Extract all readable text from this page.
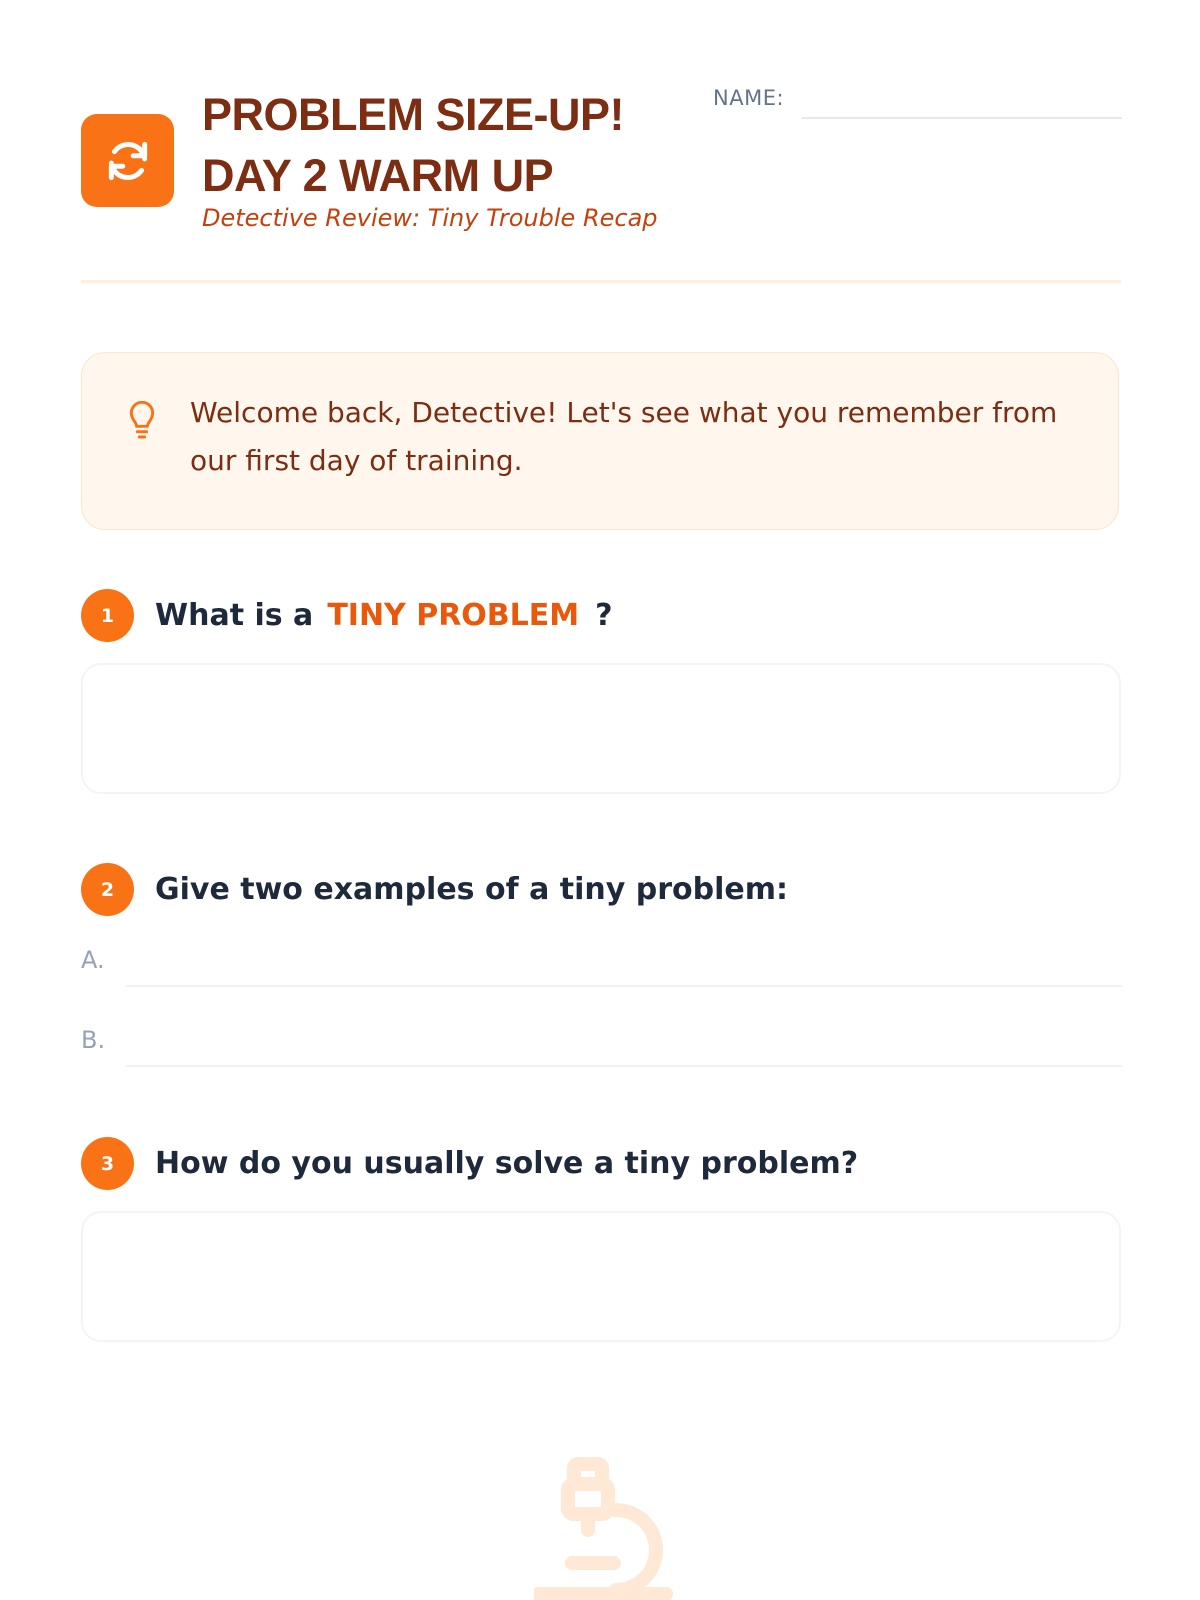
PROBLEM SIZE-UP!
DAY 2 WARM UP
Detective Review: Tiny Trouble Recap
NAME:
Welcome back, Detective! Let's see what you remember from our first day of training.
1	What is a TINY PROBLEM ?
2	Give two examples of a tiny problem:
A.
B.
3	How do you usually solve a tiny problem?
